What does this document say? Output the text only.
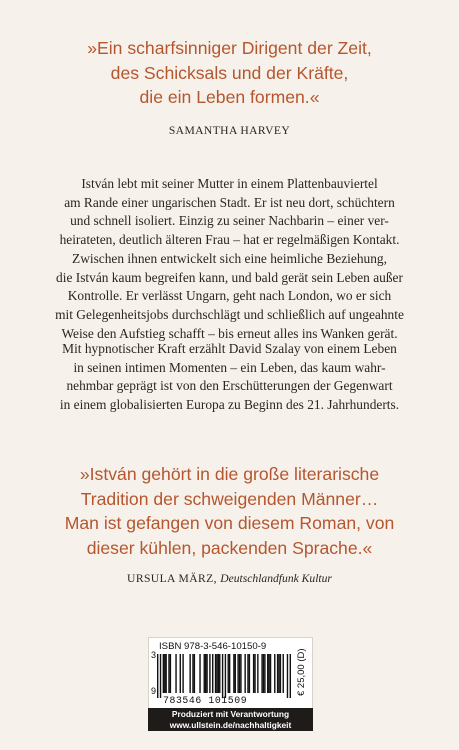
»Ein scharfsinniger Dirigent der Zeit,
des Schicksals und der Kräfte,
die ein Leben formen.«
SAMANTHA HARVEY
István lebt mit seiner Mutter in einem Plattenbauviertel
am Rande einer ungarischen Stadt. Er ist neu dort, schüchtern
und schnell isoliert. Einzig zu seiner Nachbarin – einer ver-
heirateten, deutlich älteren Frau – hat er regelmäßigen Kontakt.
Zwischen ihnen entwickelt sich eine heimliche Beziehung,
die István kaum begreifen kann, und bald gerät sein Leben außer
Kontrolle. Er verlässt Ungarn, geht nach London, wo er sich
mit Gelegenheitsjobs durchschlägt und schließlich auf ungeahnte
Weise den Aufstieg schafft – bis erneut alles ins Wanken gerät.
Mit hypnotischer Kraft erzählt David Szalay von einem Leben
in seinen intimen Momenten – ein Leben, das kaum wahr-
nehmbar geprägt ist von den Erschütterungen der Gegenwart
in einem globalisierten Europa zu Beginn des 21. Jahrhunderts.
»István gehört in die große literarische
Tradition der schweigenden Männer…
Man ist gefangen von diesem Roman, von
dieser kühlen, packenden Sprache.«
URSULA MÄRZ, Deutschlandfunk Kultur
ISBN 978-3-546-10150-9
3
9
783546 101509
€ 25,00 (D)
Produziert mit Verantwortung
www.ullstein.de/nachhaltigkeit
